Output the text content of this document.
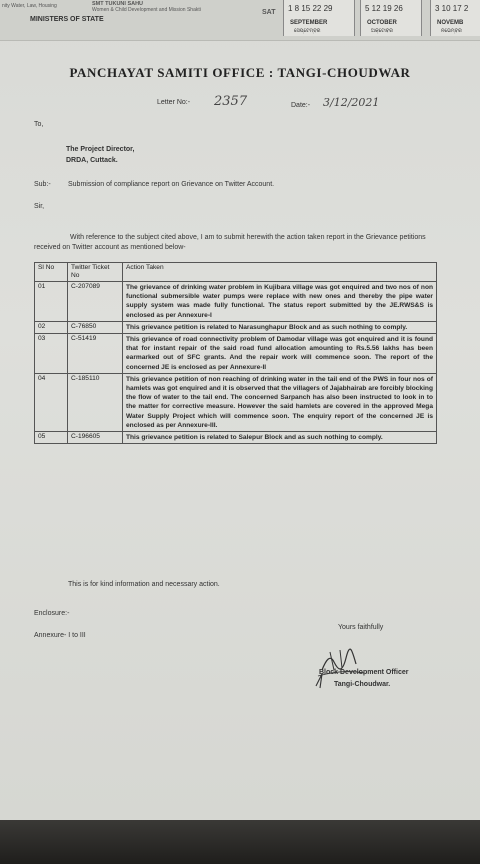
nity Water, Law, Housing	SMT TUKUNI SAHU
Women & Child Development and Mission Shakti
MINISTERS OF STATE
SAT 1 8 15 22 29
SEPTEMBER
ସେପ୍ଟେମ୍ବର
5 12 19 26
OCTOBER
ଅକ୍ଟୋବର
3 10 17 2
NOVEMB
ନଭେମ୍ବର
PANCHAYAT SAMITI OFFICE : TANGI-CHOUDWAR
Letter No:- 2357	Date:- 3/12/2021
To,
The Project Director,
DRDA, Cuttack.
Sub:- Submission of compliance report on Grievance on Twitter Account.
Sir,
With reference to the subject cited above, I am to submit herewith the action taken report in the Grievance petitions received on Twitter account as mentioned below-
Sl No	Twitter Ticket No	Action Taken
01	C-207089	The grievance of drinking water problem in Kujibara village was got enquired and two nos of non functional submersible water pumps were replace with new ones and thereby the pipe water supply system was made fully functional. The status report submitted by the JE.RWS&S is enclosed as per Annexure-I
02	C-76850	This grievance petition is related to Narasunghapur Block and as such nothing to comply.
03	C-51419	This grievance of road connectivity problem of Damodar village was got enquired and it is found that for instant repair of the said road fund allocation amounting to Rs.5.56 lakhs has been earmarked out of SFC grants. And the repair work will commence soon. The report of the concerned JE is enclosed as per Annexure-II
04	C-185110	This grievance petition of non reaching of drinking water in the tail end of the PWS in four nos of hamlets was got enquired and it is observed that the villagers of Jajabhairab are forcibly blocking the flow of water to the tail end. The concerned Sarpanch has also been instructed to look in to the matter for corrective measure. However the said hamlets are covered in the approved Mega Water Supply Project which will commence soon. The enquiry report of the concerned JE is enclosed as per Annexure-III.
05	C-196605	This grievance petition is related to Salepur Block and as such nothing to comply.
This is for kind information and necessary action.
Enclosure:-
Annexure- I to III
Yours faithfully
Block Development Officer
Tangi-Choudwar.
